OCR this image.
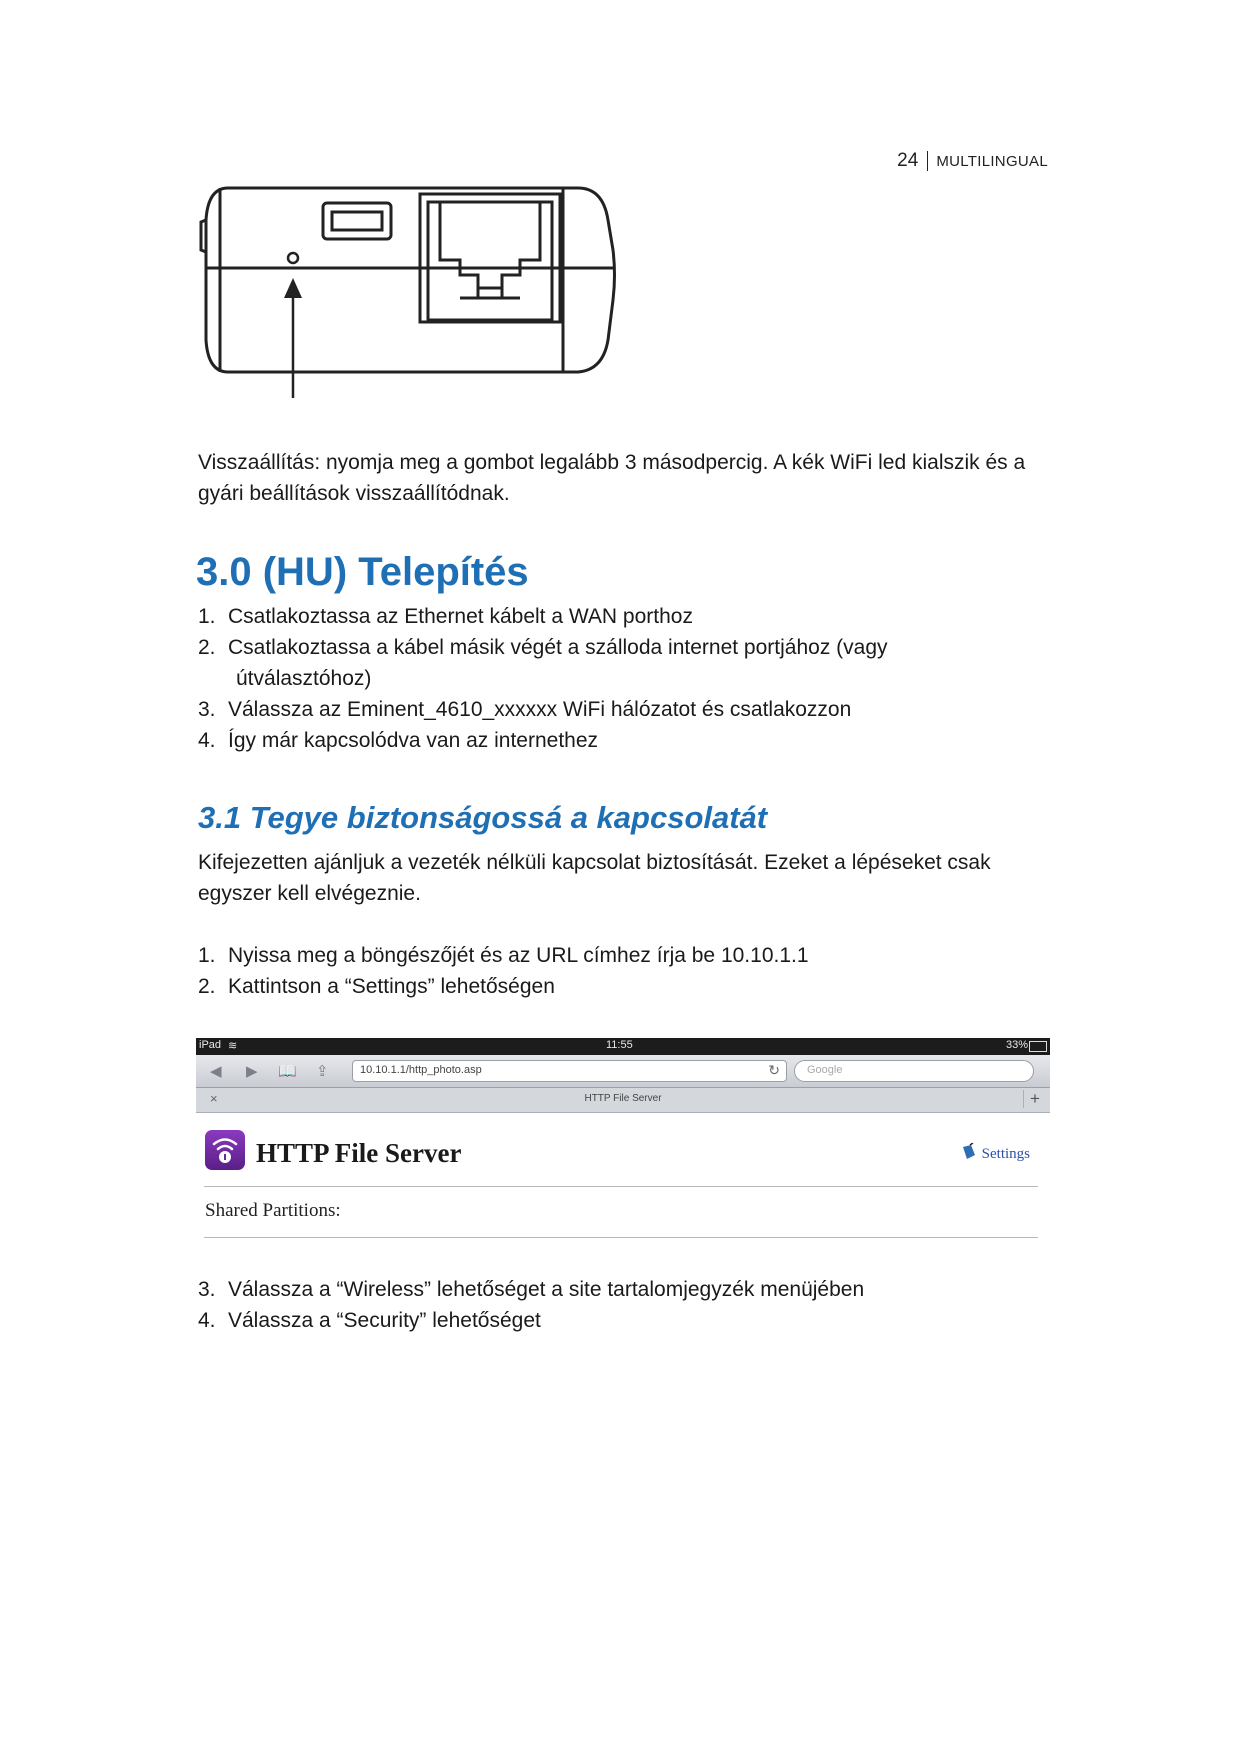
24 MULTILINGUAL
Visszaállítás: nyomja meg a gombot legalább 3 másodpercig. A kék WiFi led kialszik és a gyári beállítások visszaállítódnak.
3.0 (HU) Telepítés
1. Csatlakoztassa az Ethernet kábelt a WAN porthoz
2. Csatlakoztassa a kábel másik végét a szálloda internet portjához (vagy
útválasztóhoz)
3. Válassza az Eminent_4610_xxxxxx WiFi hálózatot és csatlakozzon
4. Így már kapcsolódva van az internethez
3.1 Tegye biztonságossá a kapcsolatát
Kifejezetten ajánljuk a vezeték nélküli kapcsolat biztosítását. Ezeket a lépéseket csak egyszer kell elvégeznie.
1. Nyissa meg a böngészőjét és az URL címhez írja be 10.10.1.1
2. Kattintson a “Settings” lehetőségen
iPad ≋	11:55	33%
◀ ▶ 📖 ⇪	10.10.1.1/http_photo.asp	↻ Google
×	HTTP File Server	+
HTTP File Server	Settings
Shared Partitions:
3. Válassza a “Wireless” lehetőséget a site tartalomjegyzék menüjében
4. Válassza a “Security” lehetőséget
